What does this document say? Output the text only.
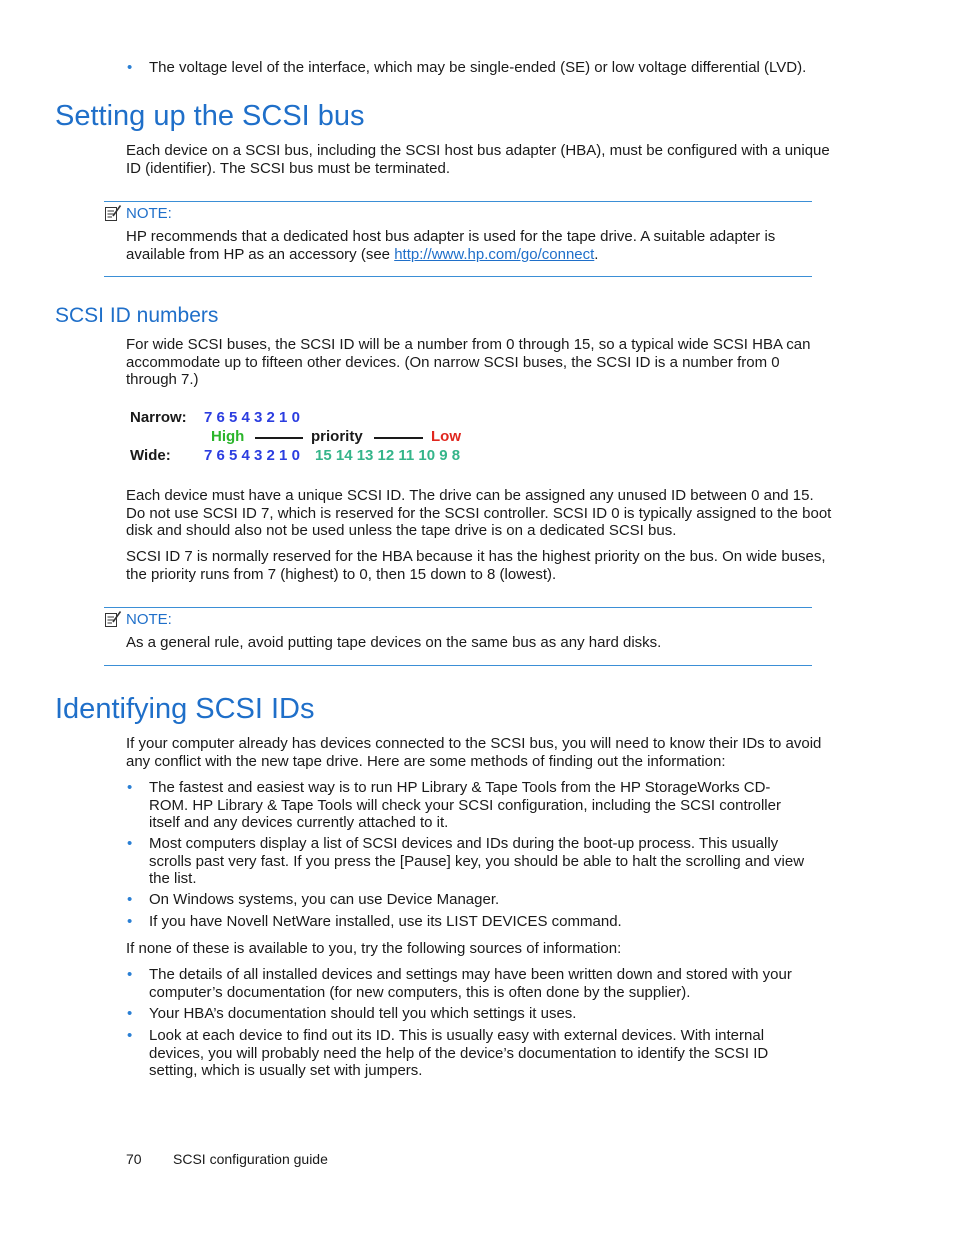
• The voltage level of the interface, which may be single-ended (SE) or low voltage differential (LVD).
Setting up the SCSI bus
Each device on a SCSI bus, including the SCSI host bus adapter (HBA), must be configured with a unique ID (identifier). The SCSI bus must be terminated.
NOTE:
HP recommends that a dedicated host bus adapter is used for the tape drive. A suitable adapter is available from HP as an accessory (see http://www.hp.com/go/connect.
SCSI ID numbers
For wide SCSI buses, the SCSI ID will be a number from 0 through 15, so a typical wide SCSI HBA can accommodate up to fifteen other devices. (On narrow SCSI buses, the SCSI ID is a number from 0 through 7.)
Narrow: 7 6 5 4 3 2 1 0
High	priority	Low
Wide: 7 6 5 4 3 2 1 0 15 14 13 12 11 10 9 8
Each device must have a unique SCSI ID. The drive can be assigned any unused ID between 0 and 15. Do not use SCSI ID 7, which is reserved for the SCSI controller. SCSI ID 0 is typically assigned to the boot disk and should also not be used unless the tape drive is on a dedicated SCSI bus.
SCSI ID 7 is normally reserved for the HBA because it has the highest priority on the bus. On wide buses, the priority runs from 7 (highest) to 0, then 15 down to 8 (lowest).
NOTE:
As a general rule, avoid putting tape devices on the same bus as any hard disks.
Identifying SCSI IDs
If your computer already has devices connected to the SCSI bus, you will need to know their IDs to avoid any conflict with the new tape drive. Here are some methods of finding out the information:
• The fastest and easiest way is to run HP Library & Tape Tools from the HP StorageWorks CD-ROM. HP Library & Tape Tools will check your SCSI configuration, including the SCSI controller itself and any devices currently attached to it.
• Most computers display a list of SCSI devices and IDs during the boot-up process. This usually scrolls past very fast. If you press the [Pause] key, you should be able to halt the scrolling and view the list.
• On Windows systems, you can use Device Manager.
• If you have Novell NetWare installed, use its LIST DEVICES command.
If none of these is available to you, try the following sources of information:
• The details of all installed devices and settings may have been written down and stored with your computer’s documentation (for new computers, this is often done by the supplier).
• Your HBA’s documentation should tell you which settings it uses.
• Look at each device to find out its ID. This is usually easy with external devices. With internal devices, you will probably need the help of the device’s documentation to identify the SCSI ID setting, which is usually set with jumpers.
70 SCSI configuration guide
